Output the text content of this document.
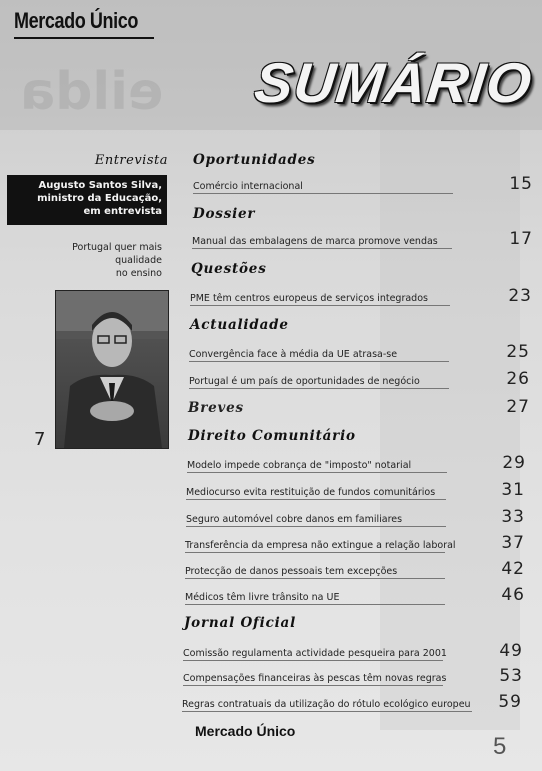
eilda
Mercado Único
SUMÁRIO
Entrevista
Augusto Santos Silva,
ministro da Educação,
em entrevista
Portugal quer mais
qualidade
no ensino
7
Oportunidades
Comércio internacional	15
Dossier
Manual das embalagens de marca promove vendas	17
Questões
PME têm centros europeus de serviços integrados	23
Actualidade
Convergência face à média da UE atrasa-se	25
Portugal é um país de oportunidades de negócio	26
Breves	27
Direito Comunitário
Modelo impede cobrança de "imposto" notarial	29
Mediocurso evita restituição de fundos comunitários	31
Seguro automóvel cobre danos em familiares	33
Transferência da empresa não extingue a relação laboral	37
Protecção de danos pessoais tem excepções	42
Médicos têm livre trânsito na UE	46
Jornal Oficial
Comissão regulamenta actividade pesqueira para 2001	49
Compensações financeiras às pescas têm novas regras	53
Regras contratuais da utilização do rótulo ecológico europeu 59
Mercado Único
5
